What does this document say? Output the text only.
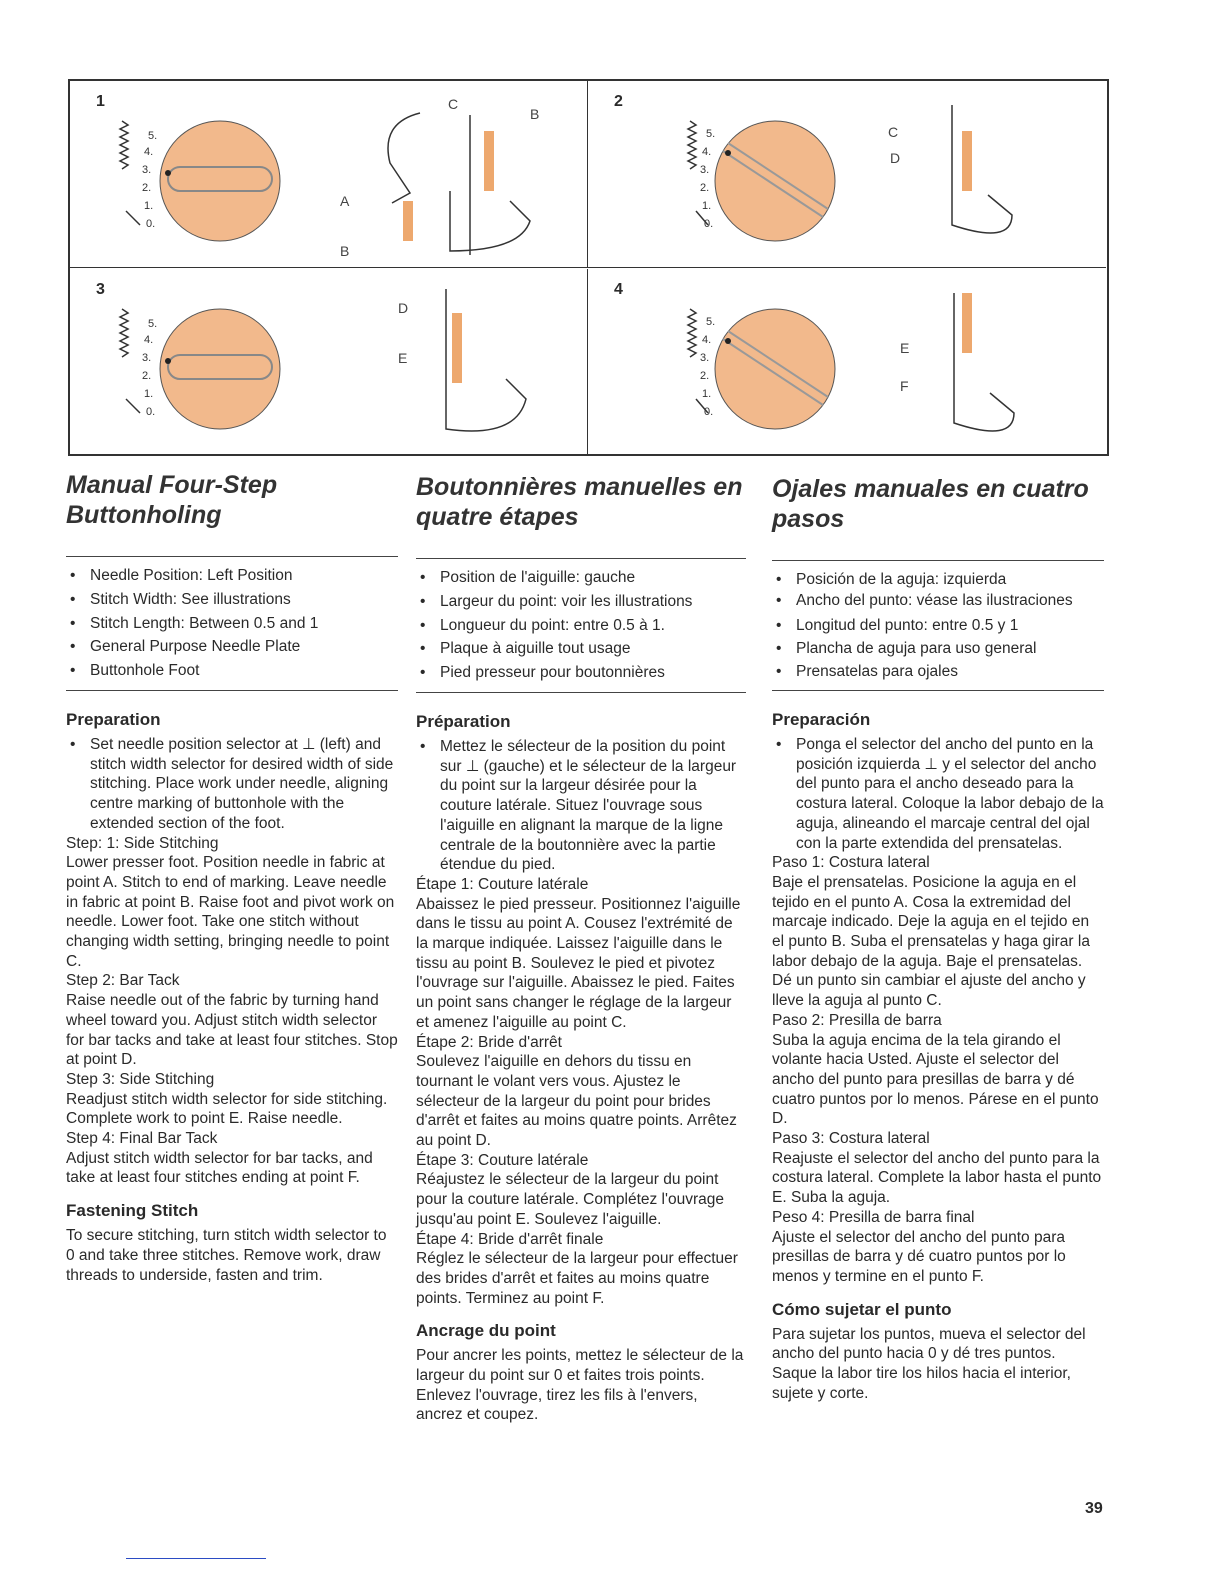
1
5.
4.
3.
2.
1.
0.
C
B
A
B
2
5.
4.
3.
2.
1.
0.
C
D
3
5.
4.
3.
2.
1.
0.
D
E
4
5.
4.
3.
2.
1.
0.
E
F
Manual Four-Step Buttonholing
• Needle Position: Left Position
• Stitch Width: See illustrations
• Stitch Length: Between 0.5 and 1
• General Purpose Needle Plate
• Buttonhole Foot
Preparation

• Set needle position selector at ⊥ (left) and stitch width selector for desired width of side stitching. Place work under needle, aligning centre marking of buttonhole with the extended section of the foot.

Step: 1: Side Stitching

Lower presser foot. Position needle in fabric at point A. Stitch to end of marking. Leave needle in fabric at point B. Raise foot and pivot work on needle. Lower foot. Take one stitch without changing width setting, bringing needle to point C.

Step 2: Bar Tack

Raise needle out of the fabric by turning hand wheel toward you. Adjust stitch width selector for bar tacks and take at least four stitches. Stop at point D.

Step 3: Side Stitching

Readjust stitch width selector for side stitching. Complete work to point E. Raise needle.

Step 4: Final Bar Tack

Adjust stitch width selector for bar tacks, and take at least four stitches ending at point F.

Fastening Stitch

To secure stitching, turn stitch width selector to 0 and take three stitches. Remove work, draw threads to underside, fasten and trim.

Boutonnières manuelles en quatre étapes
• Position de l'aiguille: gauche
• Largeur du point: voir les illustrations
• Longueur du point: entre 0.5 à 1.
• Plaque à aiguille tout usage
• Pied presseur pour boutonnières
Préparation

• Mettez le sélecteur de la position du point sur ⊥ (gauche) et le sélecteur de la largeur du point sur la largeur désirée pour la couture latérale. Situez l'ouvrage sous l'aiguille en alignant la marque de la ligne centrale de la boutonnière avec la partie étendue du pied.

Étape 1: Couture latérale

Abaissez le pied presseur. Positionnez l'aiguille dans le tissu au point A. Cousez l'extrémité de la marque indiquée. Laissez l'aiguille dans le tissu au point B. Soulevez le pied et pivotez l'ouvrage sur l'aiguille. Abaissez le pied. Faites un point sans changer le réglage de la largeur et amenez l'aiguille au point C.

Étape 2: Bride d'arrêt

Soulevez l'aiguille en dehors du tissu en tournant le volant vers vous. Ajustez le sélecteur de la largeur du point pour brides d'arrêt et faites au moins quatre points. Arrêtez au point D.

Étape 3: Couture latérale

Réajustez le sélecteur de la largeur du point pour la couture latérale. Complétez l'ouvrage jusqu'au point E. Soulevez l'aiguille.

Étape 4: Bride d'arrêt finale

Réglez le sélecteur de la largeur pour effectuer des brides d'arrêt et faites au moins quatre points. Terminez au point F.

Ancrage du point

Pour ancrer les points, mettez le sélecteur de la largeur du point sur 0 et faites trois points. Enlevez l'ouvrage, tirez les fils à l'envers, ancrez et coupez.

Ojales manuales en cuatro pasos
• Posición de la aguja: izquierda
• Ancho del punto: véase las ilustraciones
• Longitud del punto: entre 0.5 y 1
• Plancha de aguja para uso general
• Prensatelas para ojales
Preparación

• Ponga el selector del ancho del punto en la posición izquierda ⊥ y el selector del ancho del punto para el ancho deseado para la costura lateral. Coloque la labor debajo de la aguja, alineando el marcaje central del ojal con la parte extendida del prensatelas.

Paso 1: Costura lateral

Baje el prensatelas. Posicione la aguja en el tejido en el punto A. Cosa la extremidad del marcaje indicado. Deje la aguja en el tejido en el punto B. Suba el prensatelas y haga girar la labor debajo de la aguja. Baje el prensatelas. Dé un punto sin cambiar el ajuste del ancho y lleve la aguja al punto C.

Paso 2: Presilla de barra

Suba la aguja encima de la tela girando el volante hacia Usted. Ajuste el selector del ancho del punto para presillas de barra y dé cuatro puntos por lo menos. Párese en el punto D.

Paso 3: Costura lateral

Reajuste el selector del ancho del punto para la costura lateral. Complete la labor hasta el punto E. Suba la aguja.

Peso 4: Presilla de barra final

Ajuste el selector del ancho del punto para presillas de barra y dé cuatro puntos por lo menos y termine en el punto F.

Cómo sujetar el punto

Para sujetar los puntos, mueva el selector del ancho del punto hacia 0 y dé tres puntos. Saque la labor tire los hilos hacia el interior, sujete y corte.

39
